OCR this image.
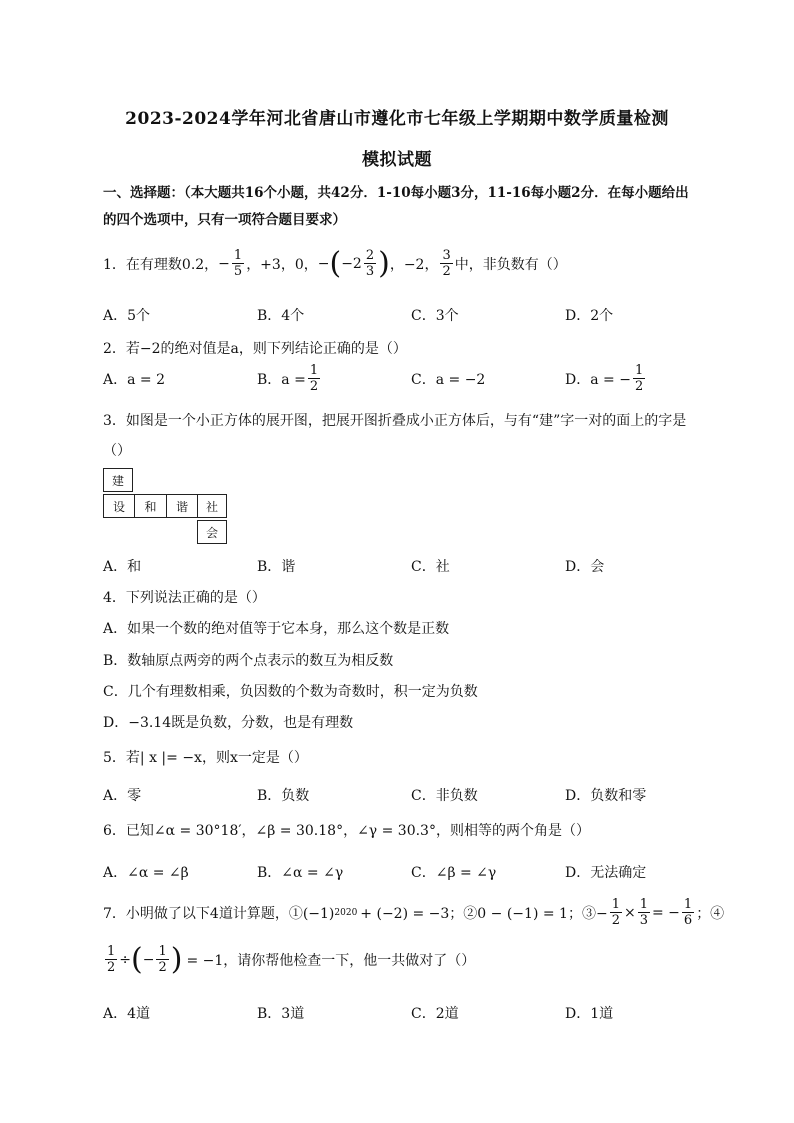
2023-2024学年河北省唐山市遵化市七年级上学期期中数学质量检测
模拟试题
一、选择题：（本大题共16个小题，共42分．1-10每小题3分，11-16每小题2分．在每小题给出的四个选项中，只有一项符合题目要求）
1．在有理数0.2， − $\frac{1}{5}$ ，+3，0， − ( $-2 \frac{2}{3}$ ) ，−2， $\frac{3}{2}$ 中，非负数有（）
A．5个	B．4个	C．3个	D．2个
2．若−2的绝对值是a，则下列结论正确的是（）
A．a = 2	B．$a = \frac{1}{2}$	C．a = −2	D．a = − $\frac{1}{2}$
3．如图是一个小正方体的展开图，把展开图折叠成小正方体后，与有“建”字一对的面上的字是
（）
建
设	和	谐	社
会
A．和	B．谐	C．社	D．会
4．下列说法正确的是（）
A．如果一个数的绝对值等于它本身，那么这个数是正数
B．数轴原点两旁的两个点表示的数互为相反数
C．几个有理数相乘，负因数的个数为奇数时，积一定为负数
D．−3.14既是负数，分数，也是有理数
5．若| x |= −x，则x一定是（）
A．零	B．负数	C．非负数	D．负数和零
6．已知∠α = 30°18′，∠β = 30.18°，∠γ = 30.3°，则相等的两个角是（）
A．∠α = ∠β	B．∠α = ∠γ	C．∠β = ∠γ	D．无法确定
7．小明做了以下4道计算题，①(−1) 2020 + (−2) = −3；②0 − (−1) = 1；③− $\frac{1}{2} \times \frac{1}{3}$ = − $\frac{1}{6}$ ；④
$\frac{1}{2}$ ÷ ( − $\frac{1}{2}$ ) = −1，请你帮他检查一下，他一共做对了（）
A．4道	B．3道	C．2道	D．1道
